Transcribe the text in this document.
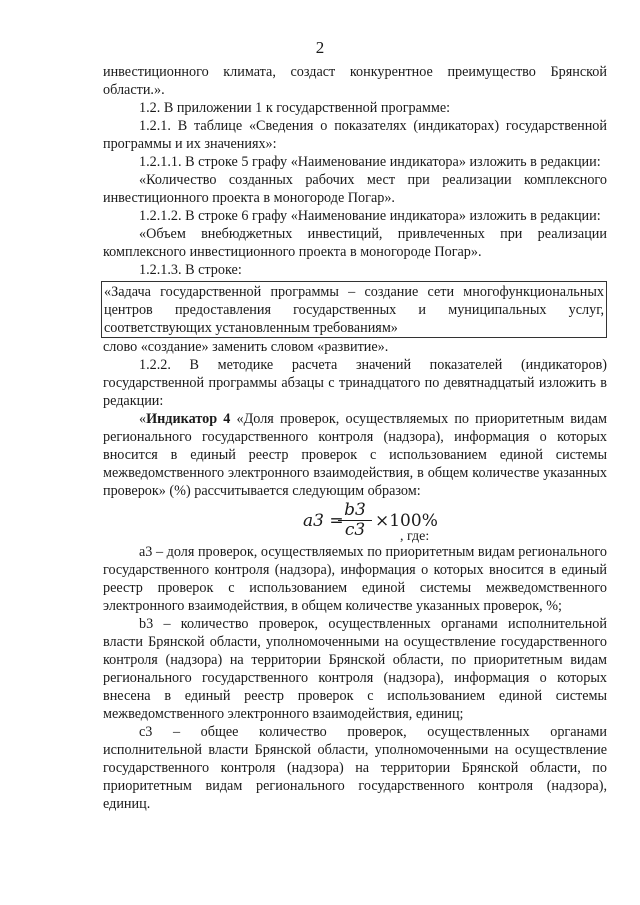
2

инвестиционного климата, создаст конкурентное преимущество Брянской области.».

1.2. В приложении 1 к государственной программе:

1.2.1. В таблице «Сведения о показателях (индикаторах) государственной программы и их значениях»:

1.2.1.1. В строке 5 графу «Наименование индикатора» изложить в редакции:

«Количество созданных рабочих мест при реализации комплексного инвестиционного проекта в моногороде Погар».

1.2.1.2. В строке 6 графу «Наименование индикатора» изложить в редакции:

«Объем внебюджетных инвестиций, привлеченных при реализации комплексного инвестиционного проекта в моногороде Погар».

1.2.1.3. В строке:

«Задача государственной программы – создание сети многофункциональных центров предоставления государственных и муниципальных услуг, соответствующих установленным требованиям»

слово «создание» заменить словом «развитие».

1.2.2. В методике расчета значений показателей (индикаторов) государственной программы абзацы с тринадцатого по девятнадцатый изложить в редакции:

«Индикатор 4 «Доля проверок, осуществляемых по приоритетным видам регионального государственного контроля (надзора), информация о которых вносится в единый реестр проверок с использованием единой системы межведомственного электронного взаимодействия, в общем количестве указанных проверок» (%) рассчитывается следующим образом:

a3 =
b3
c3 ×100%
, где:

а3 – доля проверок, осуществляемых по приоритетным видам регионального государственного контроля (надзора), информация о которых вносится в единый реестр проверок с использованием единой системы межведомственного электронного взаимодействия, в общем количестве указанных проверок, %;

b3 – количество проверок, осуществленных органами исполнительной власти Брянской области, уполномоченными на осуществление государственного контроля (надзора) на территории Брянской области, по приоритетным видам регионального государственного контроля (надзора), информация о которых внесена в единый реестр проверок с использованием единой системы межведомственного электронного взаимодействия, единиц;

c3 – общее количество проверок, осуществленных органами исполнительной власти Брянской области, уполномоченными на осуществление государственного контроля (надзора) на территории Брянской области, по приоритетным видам регионального государственного контроля (надзора), единиц.
